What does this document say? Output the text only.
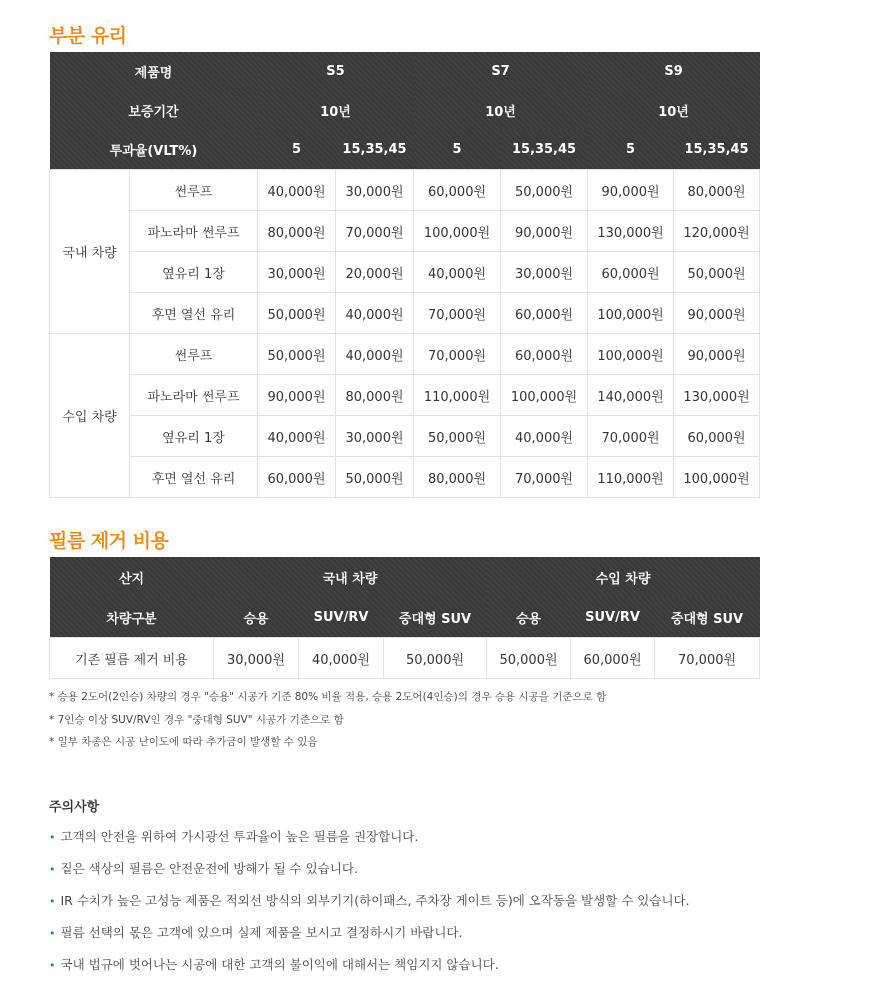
부분 유리
제품명		S5		S7		S9	
보증기간		10년		10년		10년	
투과율(VLT%)		5	15,35,45	5	15,35,45	5	15,35,45
국내 차량	썬루프	40,000원	30,000원	60,000원	50,000원	90,000원	80,000원
	파노라마 썬루프	80,000원	70,000원	100,000원	90,000원	130,000원	120,000원
	옆유리 1장	30,000원	20,000원	40,000원	30,000원	60,000원	50,000원
	후면 열선 유리	50,000원	40,000원	70,000원	60,000원	100,000원	90,000원
수입 차량	썬루프	50,000원	40,000원	70,000원	60,000원	100,000원	90,000원
	파노라마 썬루프	90,000원	80,000원	110,000원	100,000원	140,000원	130,000원
	옆유리 1장	40,000원	30,000원	50,000원	40,000원	70,000원	60,000원
	후면 열선 유리	60,000원	50,000원	80,000원	70,000원	110,000원	100,000원
필름 제거 비용
산지	국내 차량			수입 차량		
차량구분	승용	SUV/RV	중대형 SUV	승용	SUV/RV	중대형 SUV
기존 필름 제거 비용	30,000원	40,000원	50,000원	50,000원	60,000원	70,000원
* 승용 2도어(2인승) 차량의 경우 "승용" 시공가 기준 80% 비율 적용, 승용 2도어(4인승)의 경우 승용 시공을 기준으로 함
* 7인승 이상 SUV/RV인 경우 "중대형 SUV" 시공가 기준으로 함
* 일부 차종은 시공 난이도에 따라 추가금이 발생할 수 있음
주의사항
• 고객의 안전을 위하여 가시광선 투과율이 높은 필름을 권장합니다.
• 짙은 색상의 필름은 안전운전에 방해가 될 수 있습니다.
• IR 수치가 높은 고성능 제품은 적외선 방식의 외부기기(하이패스, 주차장 게이트 등)에 오작동을 발생할 수 있습니다.
• 필름 선택의 몫은 고객에 있으며 실제 제품을 보시고 결정하시기 바랍니다.
• 국내 법규에 벗어나는 시공에 대한 고객의 불이익에 대해서는 책임지지 않습니다.
